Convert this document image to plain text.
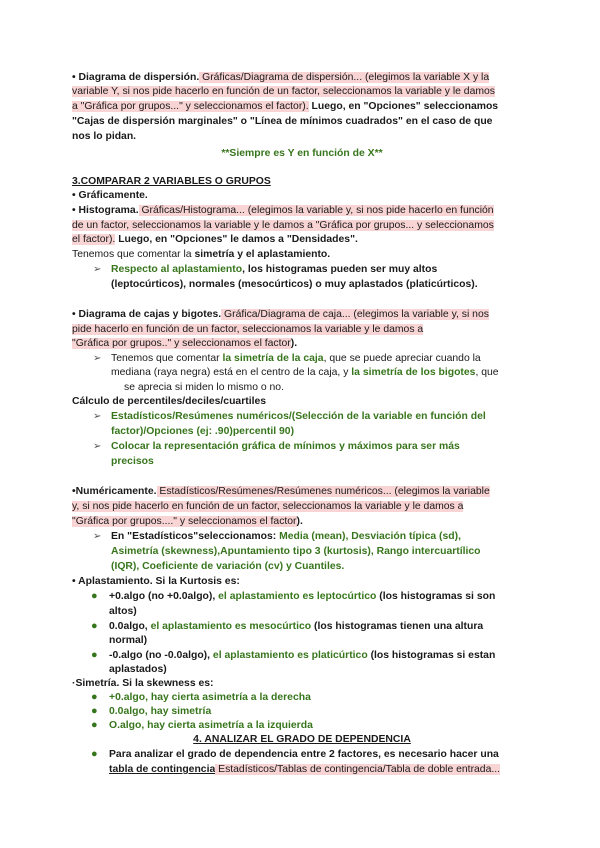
• Diagrama de dispersión. Gráficas/Diagrama de dispersión... (elegimos la variable X y la
variable Y, si nos pide hacerlo en función de un factor, seleccionamos la variable y le damos
a "Gráfica por grupos..." y seleccionamos el factor). Luego, en "Opciones" seleccionamos
"Cajas de dispersión marginales" o "Línea de mínimos cuadrados" en el caso de que
nos lo pidan.
**Siempre es Y en función de X**
3.COMPARAR 2 VARIABLES O GRUPOS
• Gráficamente.
• Histograma. Gráficas/Histograma... (elegimos la variable y, si nos pide hacerlo en función
de un factor, seleccionamos la variable y le damos a "Gráfica por grupos... y seleccionamos
el factor). Luego, en "Opciones" le damos a "Densidades".
Tenemos que comentar la simetría y el aplastamiento.
➢ Respecto al aplastamiento, los histogramas pueden ser muy altos
(leptocúrticos), normales (mesocúrticos) o muy aplastados (platicúrticos).
• Diagrama de cajas y bigotes. Gráfica/Diagrama de caja... (elegimos la variable y, si nos
pide hacerlo en función de un factor, seleccionamos la variable y le damos a
"Gráfica por grupos.." y seleccionamos el factor).
➢ Tenemos que comentar la simetría de la caja, que se puede apreciar cuando la
mediana (raya negra) está en el centro de la caja, y la simetría de los bigotes, que
se aprecia si miden lo mismo o no.
Cálculo de percentiles/deciles/cuartiles
➢ Estadísticos/Resúmenes numéricos/(Selección de la variable en función del
factor)/Opciones (ej: .90)percentil 90)
➢ Colocar la representación gráfica de mínimos y máximos para ser más
precisos
•Numéricamente. Estadísticos/Resúmenes/Resúmenes numéricos... (elegimos la variable
y, si nos pide hacerlo en función de un factor, seleccionamos la variable y le damos a
"Gráfica por grupos...." y seleccionamos el factor).
➢ En "Estadísticos"seleccionamos: Media (mean), Desviación típica (sd),
Asimetría (skewness),Apuntamiento tipo 3 (kurtosis), Rango intercuartílico
(IQR), Coeficiente de variación (cv) y Cuantiles.
• Aplastamiento. Si la Kurtosis es:
● +0.algo (no +0.0algo), el aplastamiento es leptocúrtico (los histogramas si son
altos)
● 0.0algo, el aplastamiento es mesocúrtico (los histogramas tienen una altura
normal)
● -0.algo (no -0.0algo), el aplastamiento es platicúrtico (los histogramas si estan
aplastados)
·Simetría. Si la skewness es:
● +0.algo, hay cierta asimetría a la derecha
● 0.0algo, hay simetría
● O.algo, hay cierta asimetría a la izquierda
4. ANALIZAR EL GRADO DE DEPENDENCIA
● Para analizar el grado de dependencia entre 2 factores, es necesario hacer una
tabla de contingencia Estadísticos/Tablas de contingencia/Tabla de doble entrada...
